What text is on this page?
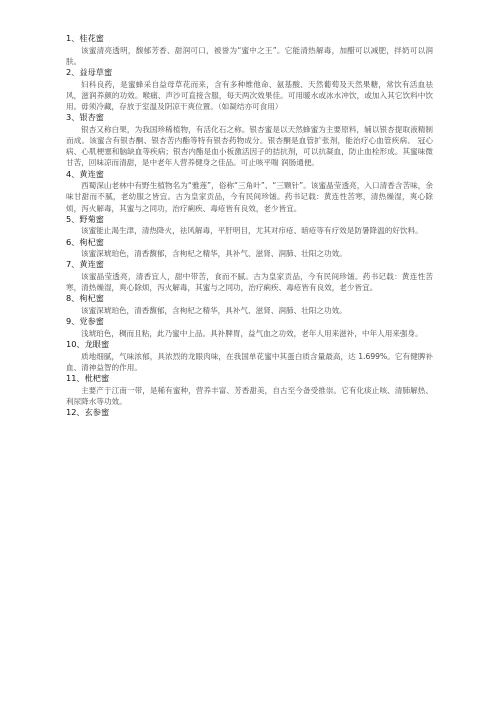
1、桂花蜜
该蜜清亮透明，馥郁芳香、甜润可口，被誉为“蜜中之王”。它能清热解毒，加醋可以减肥，拌奶可以润肤。
2、益母草蜜
妇科良药，是蜜蜂采自益母草花而来，含有多种维他命、氨基酸、天然葡萄及天然果糖，常饮有活血祛风，滋润养颜的功效。喉痛、声沙可直接含服，每天两次效果佳。可用暖水或冰水冲饮，或加入其它饮料中饮用。毋须冷藏，存放于室温及阴凉干爽位置。（如凝结亦可食用）
3、银杏蜜
银杏又称白果，为我国珍稀植物，有活化石之称。银杏蜜是以天然蜂蜜为主要原料，辅以银杏提取液精制而成。该蜜含有银杏酮、银杏苦内酯等特有银杏药物成分。银杏酮是血管扩张剂，能治疗心血管疾病、 冠心病、心肌梗塞和脑缺血等疾病；银杏内酯是血小板激活因子的拮抗剂，可以抗凝血，防止血栓形成。其蜜味微甘苦，回味凉而清甜，是中老年人营养健身之佳品。可止咳平喘 润肠通便。
4、黄连蜜
西蜀深山老林中有野生植物名为“雅莲”，俗称“三角叶”、“三颗针”。该蜜晶莹透亮，入口清香含苦味，余味甘甜而不腻，老幼服之皆宜。古为皇家贡品，今有民间珍馐。药书记载：黄连性苦寒，清热燥湿，爽心除烦，泻火解毒，其蜜与之同功，治疗痢疾、毒疮皆有良效，老少皆宜。
5、野菊蜜
该蜜能止渴生津，清热降火，祛风解毒，平肝明目，尤其对疖疮、暗疮等有疗效是防暑降温的好饮料。
6、枸杞蜜
该蜜深琥珀色，清香馥郁，含枸杞之精华，具补气、滋肾、润肺、壮阳之功效。
7、黄连蜜
该蜜晶莹透亮，清香宜人，甜中带苦，食而不腻。古为皇家贡品，今有民间珍馐。药书记载：黄连性苦寒，清热燥湿，爽心除烦，泻火解毒，其蜜与之同功，治疗痢疾、毒疮皆有良效，老少皆宜。
8、枸杞蜜
该蜜深琥珀色，清香馥郁，含枸杞之精华，具补气、滋肾、润肺、壮阳之功效。
9、党参蜜
浅琥珀色，稠而且粘，此乃蜜中上品。具补脾胃，益气血之功效，老年人用来滋补，中年人用来强身。
10、龙眼蜜
质地细腻，气味浓郁，具浓烈的龙眼肉味，在我国单花蜜中其蛋白质含量最高，达 1.699%。它有健脾补血、清神益智的作用。
11、枇杷蜜
主要产于江南一带，是稀有蜜种，营养丰富、芳香甜美，自古至今备受推崇。它有化痰止咳、清肺解热、利尿降水等功效。
12、玄参蜜
